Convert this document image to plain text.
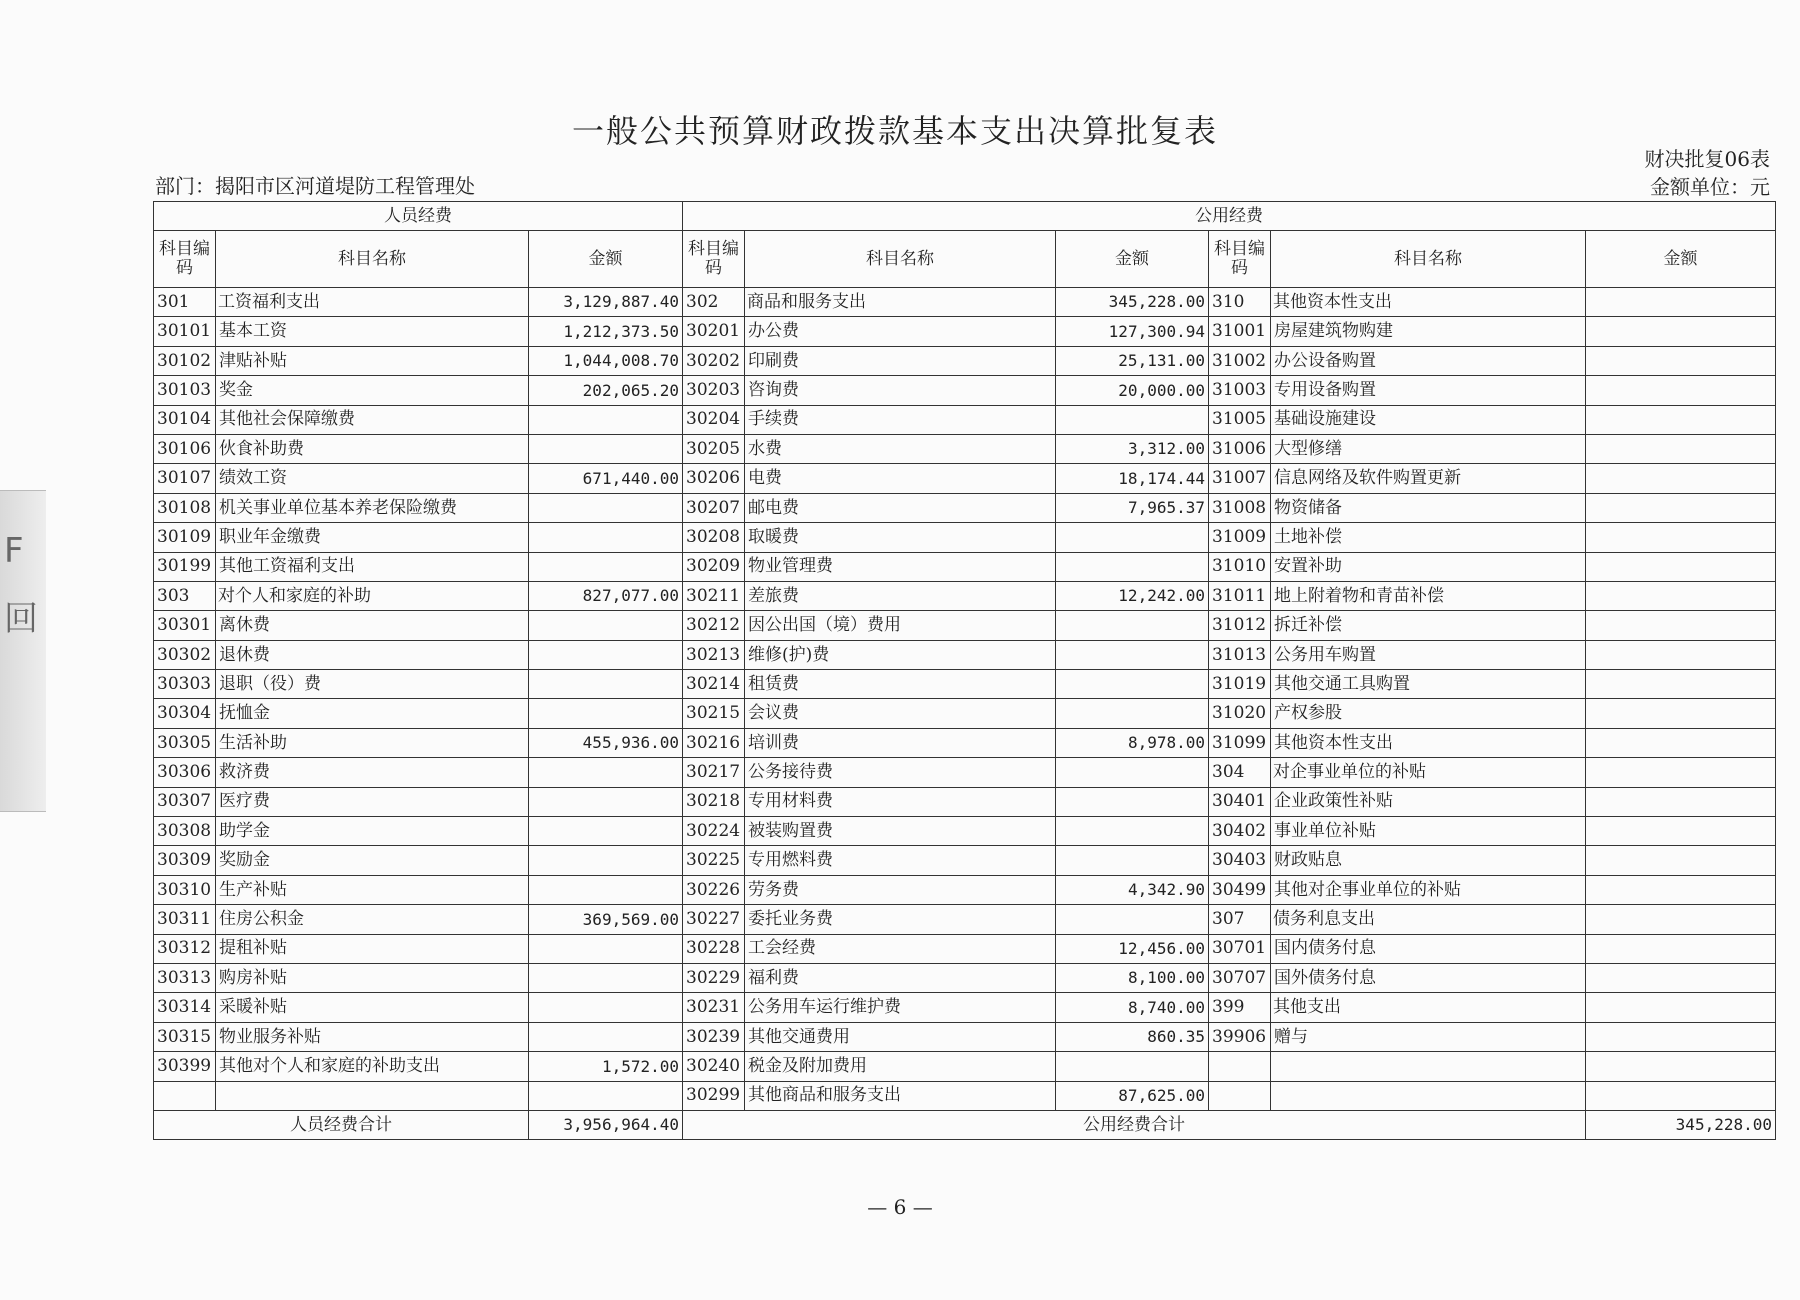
F
回
一般公共预算财政拨款基本支出决算批复表
部门：揭阳市区河道堤防工程管理处
财决批复06表
金额单位：元
人员经费			公用经费					
科目编码	科目名称	金额	科目编码	科目名称	金额	科目编码	科目名称	金额
301	工资福利支出	3,129,887.40	302	商品和服务支出	345,228.00	310	其他资本性支出	
30101	基本工资	1,212,373.50	30201	办公费	127,300.94	31001	房屋建筑物购建	
30102	津贴补贴	1,044,008.70	30202	印刷费	25,131.00	31002	办公设备购置	
30103	奖金	202,065.20	30203	咨询费	20,000.00	31003	专用设备购置	
30104	其他社会保障缴费		30204	手续费		31005	基础设施建设	
30106	伙食补助费		30205	水费	3,312.00	31006	大型修缮	
30107	绩效工资	671,440.00	30206	电费	18,174.44	31007	信息网络及软件购置更新	
30108	机关事业单位基本养老保险缴费		30207	邮电费	7,965.37	31008	物资储备	
30109	职业年金缴费		30208	取暖费		31009	土地补偿	
30199	其他工资福利支出		30209	物业管理费		31010	安置补助	
303	对个人和家庭的补助	827,077.00	30211	差旅费	12,242.00	31011	地上附着物和青苗补偿	
30301	离休费		30212	因公出国（境）费用		31012	拆迁补偿	
30302	退休费		30213	维修(护)费		31013	公务用车购置	
30303	退职（役）费		30214	租赁费		31019	其他交通工具购置	
30304	抚恤金		30215	会议费		31020	产权参股	
30305	生活补助	455,936.00	30216	培训费	8,978.00	31099	其他资本性支出	
30306	救济费		30217	公务接待费		304	对企事业单位的补贴	
30307	医疗费		30218	专用材料费		30401	企业政策性补贴	
30308	助学金		30224	被装购置费		30402	事业单位补贴	
30309	奖励金		30225	专用燃料费		30403	财政贴息	
30310	生产补贴		30226	劳务费	4,342.90	30499	其他对企事业单位的补贴	
30311	住房公积金	369,569.00	30227	委托业务费		307	债务利息支出	
30312	提租补贴		30228	工会经费	12,456.00	30701	国内债务付息	
30313	购房补贴		30229	福利费	8,100.00	30707	国外债务付息	
30314	采暖补贴		30231	公务用车运行维护费	8,740.00	399	其他支出	
30315	物业服务补贴		30239	其他交通费用	860.35	39906	赠与	
30399	其他对个人和家庭的补助支出	1,572.00	30240	税金及附加费用				
			30299	其他商品和服务支出	87,625.00			
人员经费合计		3,956,964.40	公用经费合计					345,228.00
— 6 —
